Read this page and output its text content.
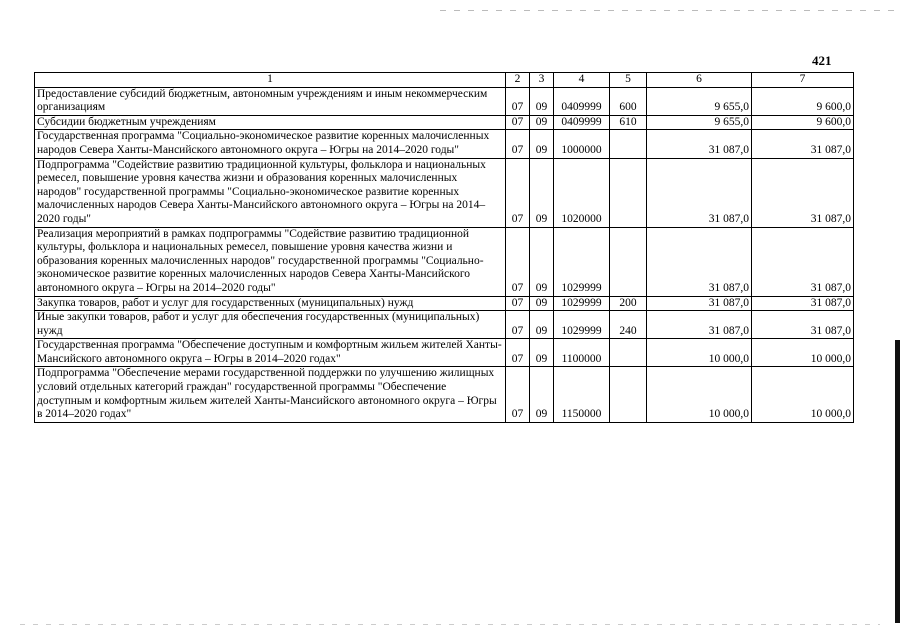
421
1	2	3	4	5	6	7
Предоставление субсидий бюджетным, автономным учреждениям и иным некоммерческим организациям	07	09	0409999	600	9 655,0	9 600,0
Субсидии бюджетным учреждениям	07	09	0409999	610	9 655,0	9 600,0
Государственная программа "Социально-экономическое развитие коренных малочисленных народов Севера Ханты-Мансийского автономного округа – Югры на 2014–2020 годы"	07	09	1000000		31 087,0	31 087,0
Подпрограмма "Содействие развитию традиционной культуры, фольклора и национальных ремесел, повышение уровня качества жизни и образования коренных малочисленных народов" государственной программы "Социально-экономическое развитие коренных малочисленных народов Севера Ханты-Мансийского автономного округа – Югры на 2014–2020 годы"	07	09	1020000		31 087,0	31 087,0
Реализация мероприятий в рамках подпрограммы "Содействие развитию традиционной культуры, фольклора и национальных ремесел, повышение уровня качества жизни и образования коренных малочисленных народов" государственной программы "Социально-экономическое развитие коренных малочисленных народов Севера Ханты-Мансийского автономного округа – Югры на 2014–2020 годы"	07	09	1029999		31 087,0	31 087,0
Закупка товаров, работ и услуг для государственных (муниципальных) нужд	07	09	1029999	200	31 087,0	31 087,0
Иные закупки товаров, работ и услуг для обеспечения государственных (муниципальных) нужд	07	09	1029999	240	31 087,0	31 087,0
Государственная программа "Обеспечение доступным и комфортным жильем жителей Ханты-Мансийского автономного округа – Югры в 2014–2020 годах"	07	09	1100000		10 000,0	10 000,0
Подпрограмма "Обеспечение мерами государственной поддержки по улучшению жилищных условий отдельных категорий граждан" государственной программы "Обеспечение доступным и комфортным жильем жителей Ханты-Мансийского автономного округа – Югры в 2014–2020 годах"	07	09	1150000		10 000,0	10 000,0
